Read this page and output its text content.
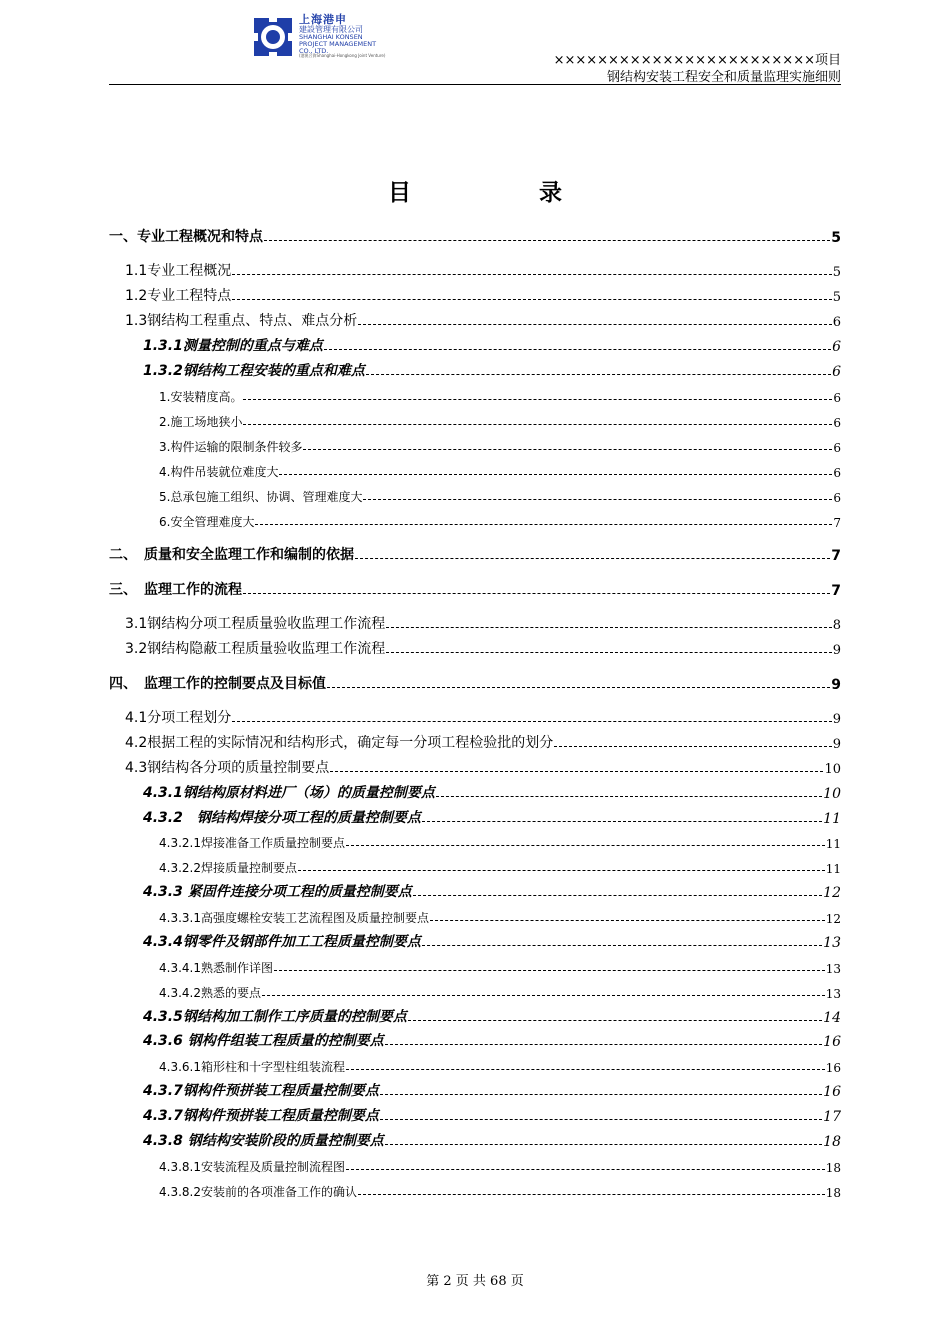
上海港申
建設管理有限公司
SHANGHAI KONSEN
PROJECT MANAGEMENT
CO., LTD.
(港澳合資Shanghai-Hongkong Joint Venture)	××××××××××××××××××××××××项目
钢结构安装工程安全和质量监理实施细则
目 录
一、专业工程概况和特点	5
1.1专业工程概况	5
1.2专业工程特点	5
1.3钢结构工程重点、特点、难点分析	6
1.3.1测量控制的重点与难点	6
1.3.2钢结构工程安装的重点和难点	6
1.安装精度高。	6
2.施工场地狭小	6
3.构件运输的限制条件较多	6
4.构件吊装就位难度大	6
5.总承包施工组织、协调、管理难度大	6
6.安全管理难度大	7
二、　质量和安全监理工作和编制的依据	7
三、　监理工作的流程	7
3.1钢结构分项工程质量验收监理工作流程	8
3.2钢结构隐蔽工程质量验收监理工作流程	9
四、　监理工作的控制要点及目标值	9
4.1分项工程划分	9
4.2根据工程的实际情况和结构形式，确定每一分项工程检验批的划分	9
4.3钢结构各分项的质量控制要点	10
4.3.1钢结构原材料进厂（场）的质量控制要点	10
4.3.2　钢结构焊接分项工程的质量控制要点	11
4.3.2.1焊接准备工作质量控制要点	11
4.3.2.2焊接质量控制要点	11
4.3.3 紧固件连接分项工程的质量控制要点	12
4.3.3.1高强度螺栓安装工艺流程图及质量控制要点	12
4.3.4钢零件及钢部件加工工程质量控制要点	13
4.3.4.1熟悉制作详图	13
4.3.4.2熟悉的要点	13
4.3.5钢结构加工制作工序质量的控制要点	14
4.3.6 钢构件组装工程质量的控制要点	16
4.3.6.1箱形柱和十字型柱组装流程	16
4.3.7钢构件预拼装工程质量控制要点	16
4.3.7钢构件预拼装工程质量控制要点	17
4.3.8 钢结构安装阶段的质量控制要点	18
4.3.8.1安装流程及质量控制流程图	18
4.3.8.2安装前的各项准备工作的确认	18
第 2 页 共 68 页
